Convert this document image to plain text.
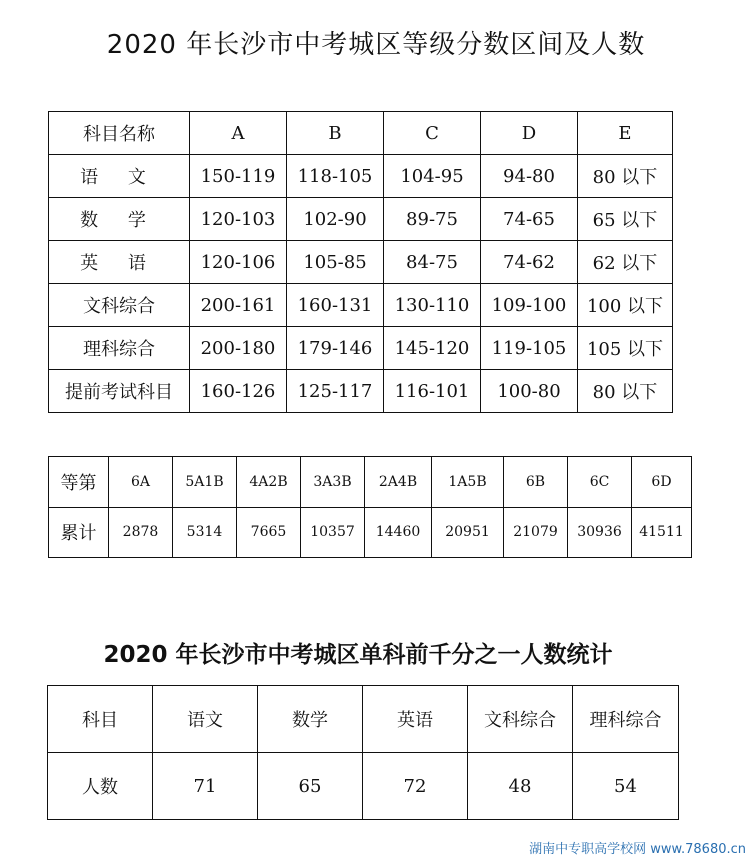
2020 年长沙市中考城区等级分数区间及人数
科目名称	A	B	C	D	E
语 文	150-119	118-105	104-95	94-80	80 以下
数 学	120-103	102-90	89-75	74-65	65 以下
英 语	120-106	105-85	84-75	74-62	62 以下
文科综合	200-161	160-131	130-110	109-100	100 以下
理科综合	200-180	179-146	145-120	119-105	105 以下
提前考试科目	160-126	125-117	116-101	100-80	80 以下
等第	6A	5A1B	4A2B	3A3B	2A4B	1A5B	6B	6C	6D
累计	2878	5314	7665	10357	14460	20951	21079	30936	41511
2020 年长沙市中考城区单科前千分之一人数统计
科目	语文	数学	英语	文科综合	理科综合
人数	71	65	72	48	54
湖南中专职高学校网 www.78680.cn
